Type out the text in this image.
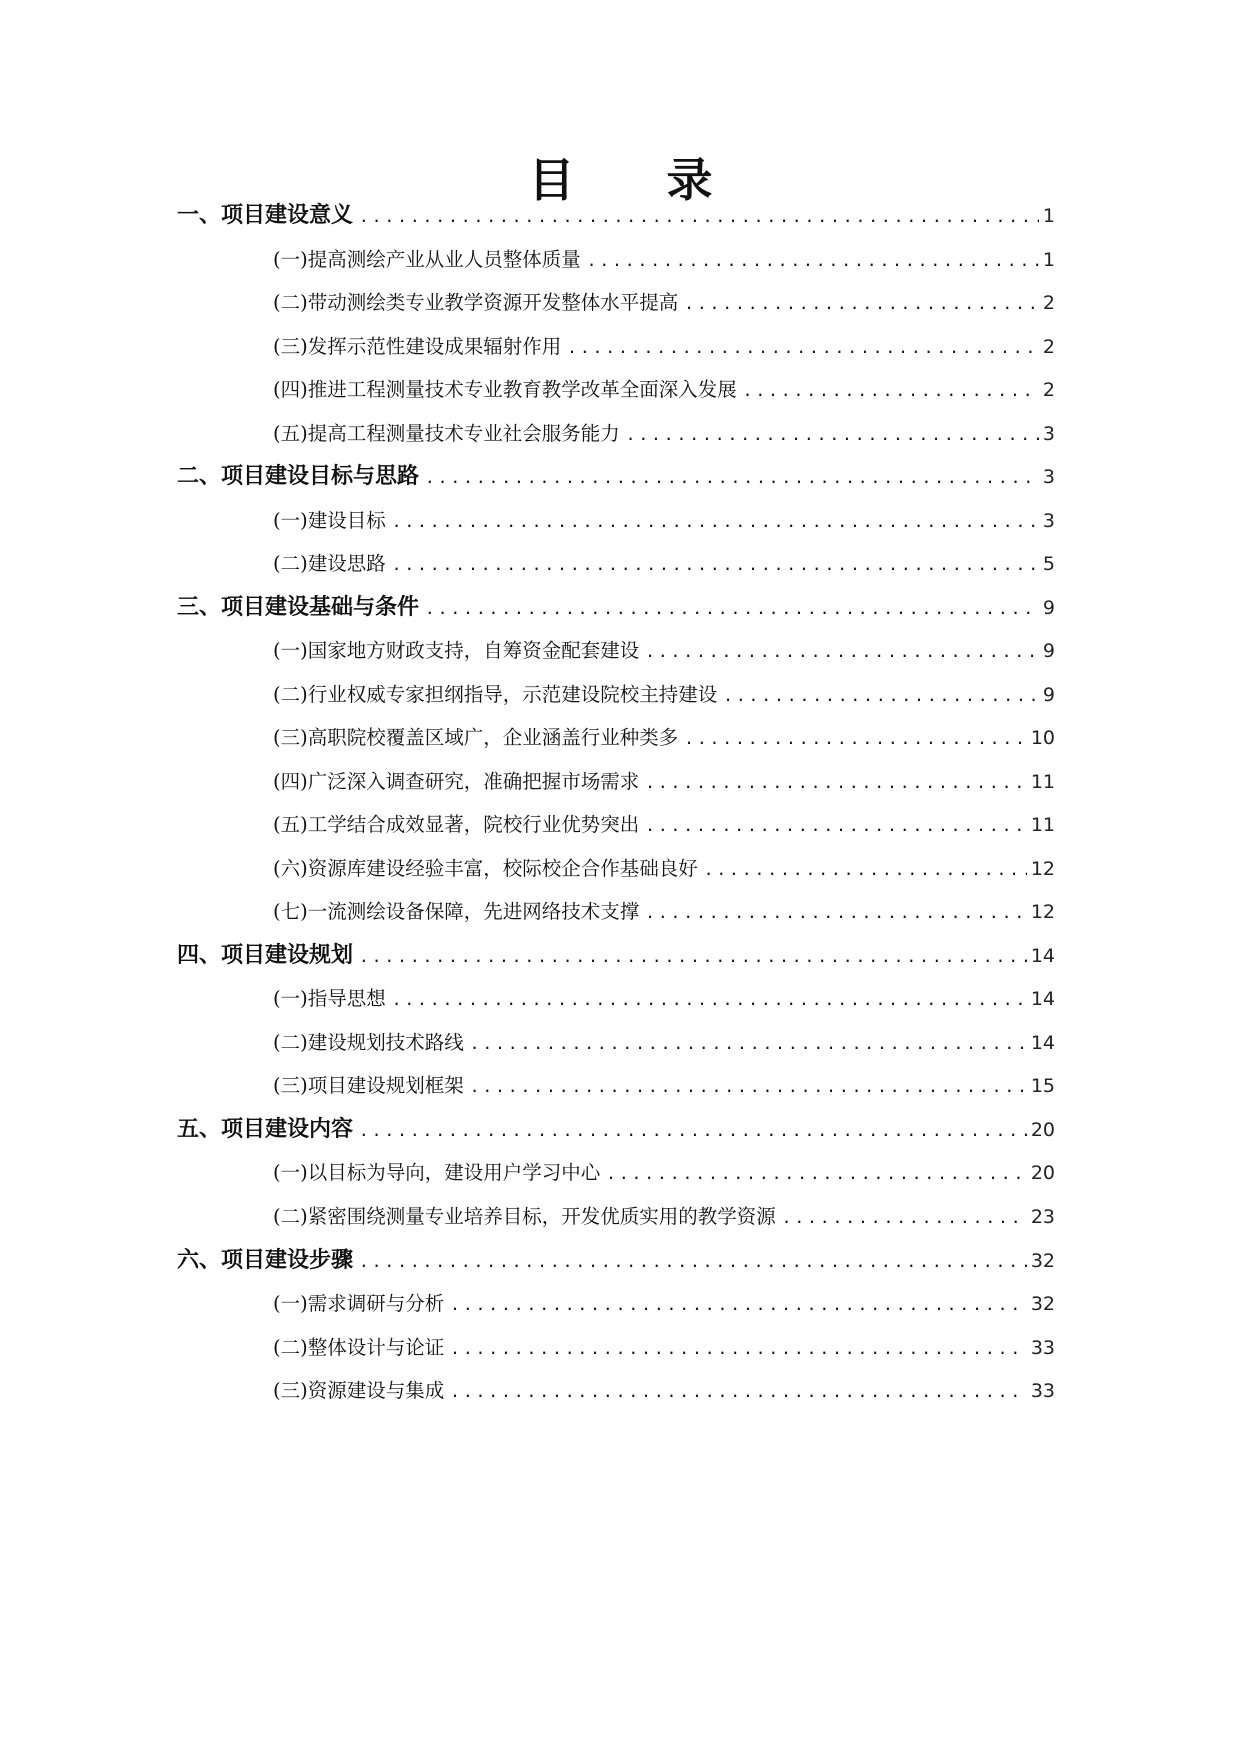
目 录
一、项目建设意义 .....	1
(一)提高测绘产业从业人员整体质量 .....	1
(二)带动测绘类专业教学资源开发整体水平提高 .....	2
(三)发挥示范性建设成果辐射作用 .....	2
(四)推进工程测量技术专业教育教学改革全面深入发展 .....	2
(五)提高工程测量技术专业社会服务能力 .....	3
二、项目建设目标与思路 .....	3
(一)建设目标 .....	3
(二)建设思路 .....	5
三、项目建设基础与条件 .....	9
(一)国家地方财政支持，自筹资金配套建设 .....	9
(二)行业权威专家担纲指导，示范建设院校主持建设 .....	9
(三)高职院校覆盖区域广，企业涵盖行业种类多 .....	10
(四)广泛深入调查研究，准确把握市场需求 .....	11
(五)工学结合成效显著，院校行业优势突出 .....	11
(六)资源库建设经验丰富，校际校企合作基础良好 .....	12
(七)一流测绘设备保障，先进网络技术支撑 .....	12
四、项目建设规划 .....	14
(一)指导思想 .....	14
(二)建设规划技术路线 .....	14
(三)项目建设规划框架 .....	15
五、项目建设内容 .....	20
(一)以目标为导向，建设用户学习中心 .....	20
(二)紧密围绕测量专业培养目标，开发优质实用的教学资源 .....	23
六、项目建设步骤 .....	32
(一)需求调研与分析 .....	32
(二)整体设计与论证 .....	33
(三)资源建设与集成 .....	33
